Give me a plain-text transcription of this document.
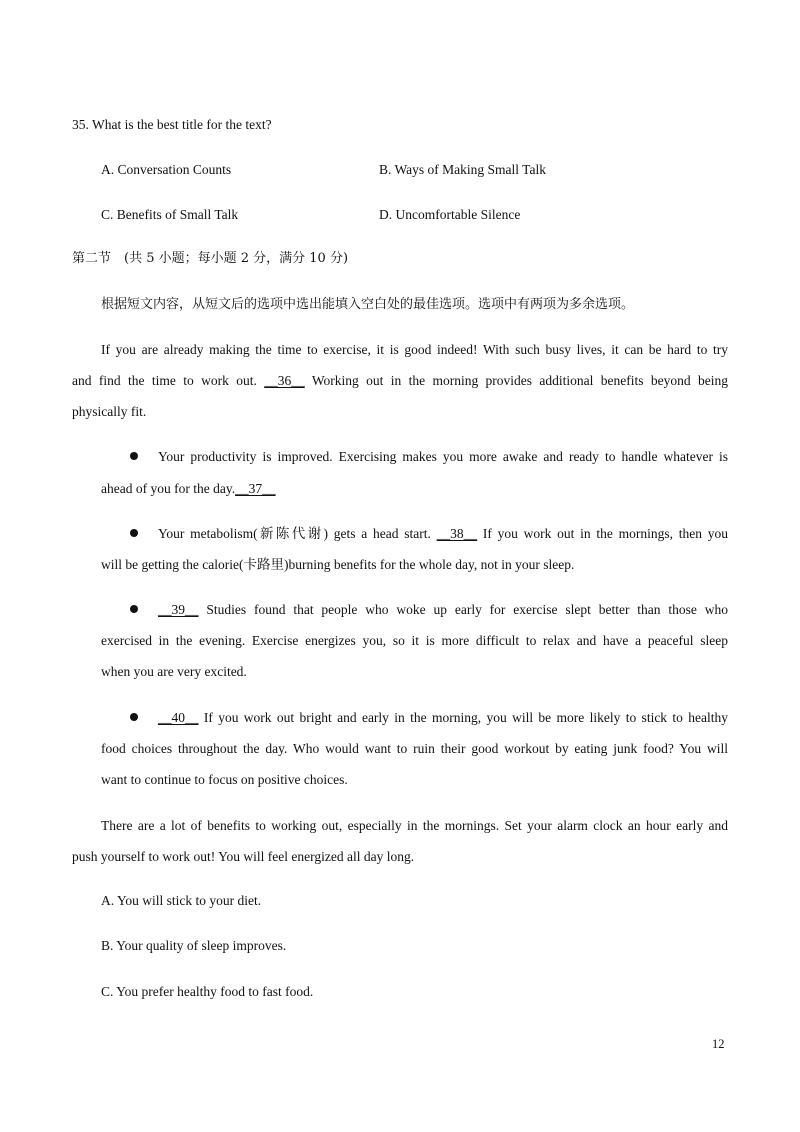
35. What is the best title for the text?
A. Conversation Counts	B. Ways of Making Small Talk
C. Benefits of Small Talk	D. Uncomfortable Silence
第二节　(共 5 小题；每小题 2 分，满分 10 分)
根据短文内容，从短文后的选项中选出能填入空白处的最佳选项。选项中有两项为多余选项。
If you are already making the time to exercise, it is good indeed! With such busy lives, it can be hard to try
and find the time to work out. __36__ Working out in the morning provides additional benefits beyond being
physically fit.
Your productivity is improved. Exercising makes you more awake and ready to handle whatever is
ahead of you for the day.__37__
Your metabolism(新陈代谢) gets a head start. __38__ If you work out in the mornings, then you
will be getting the calorie(卡路里)burning benefits for the whole day, not in your sleep.
__39__ Studies found that people who woke up early for exercise slept better than those who
exercised in the evening. Exercise energizes you, so it is more difficult to relax and have a peaceful sleep
when you are very excited.
__40__ If you work out bright and early in the morning, you will be more likely to stick to healthy
food choices throughout the day. Who would want to ruin their good workout by eating junk food? You will
want to continue to focus on positive choices.
There are a lot of benefits to working out, especially in the mornings. Set your alarm clock an hour early and
push yourself to work out! You will feel energized all day long.
A. You will stick to your diet.
B. Your quality of sleep improves.
C. You prefer healthy food to fast food.
12
